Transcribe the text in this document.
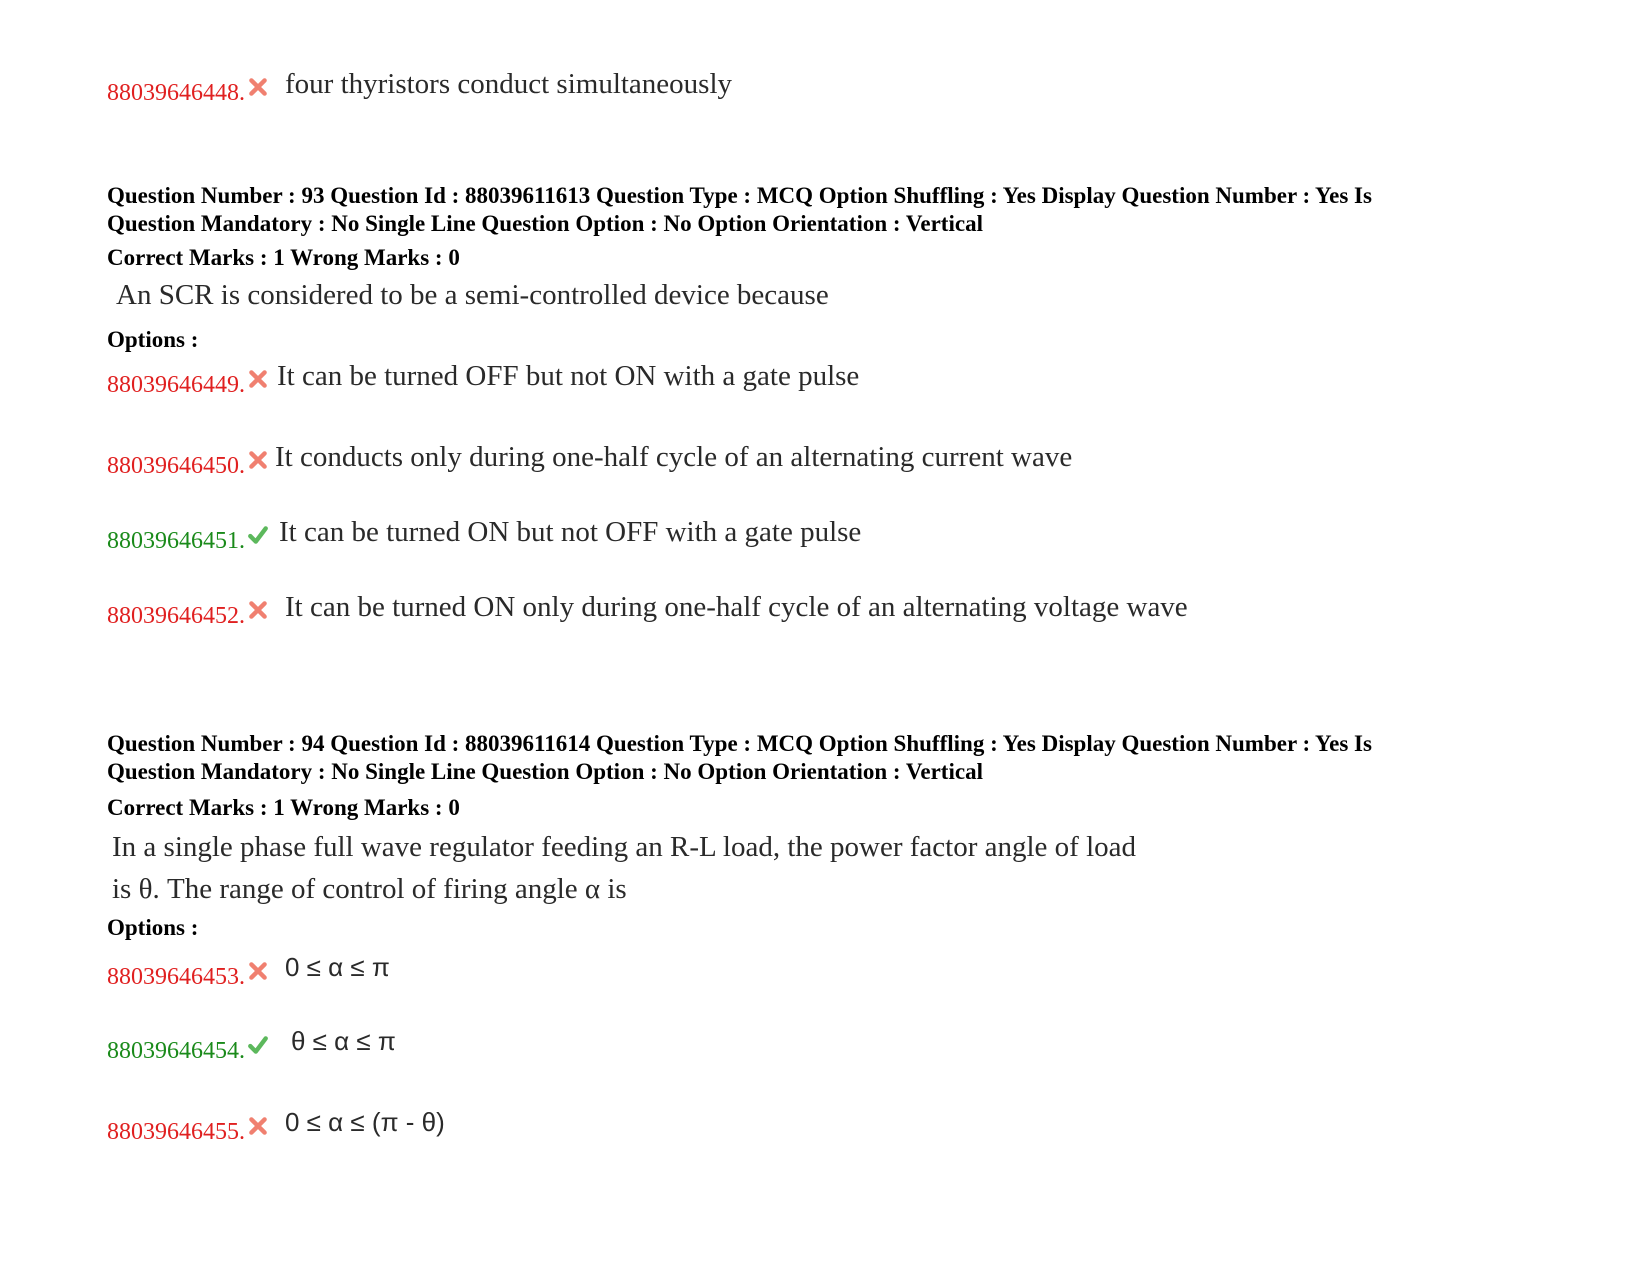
88039646448. four thyristors conduct simultaneously
Question Number : 93 Question Id : 88039611613 Question Type : MCQ Option Shuffling : Yes Display Question Number : Yes Is
Question Mandatory : No Single Line Question Option : No Option Orientation : Vertical
Correct Marks : 1 Wrong Marks : 0
An SCR is considered to be a semi-controlled device because
Options :
88039646449. It can be turned OFF but not ON with a gate pulse
88039646450. It conducts only during one-half cycle of an alternating current wave
88039646451. It can be turned ON but not OFF with a gate pulse
88039646452. It can be turned ON only during one-half cycle of an alternating voltage wave
Question Number : 94 Question Id : 88039611614 Question Type : MCQ Option Shuffling : Yes Display Question Number : Yes Is
Question Mandatory : No Single Line Question Option : No Option Orientation : Vertical
Correct Marks : 1 Wrong Marks : 0
In a single phase full wave regulator feeding an R-L load, the power factor angle of load
is θ. The range of control of firing angle α is
Options :
88039646453. 0 ≤ α ≤ π
88039646454. θ ≤ α ≤ π
88039646455. 0 ≤ α ≤ (π - θ)
